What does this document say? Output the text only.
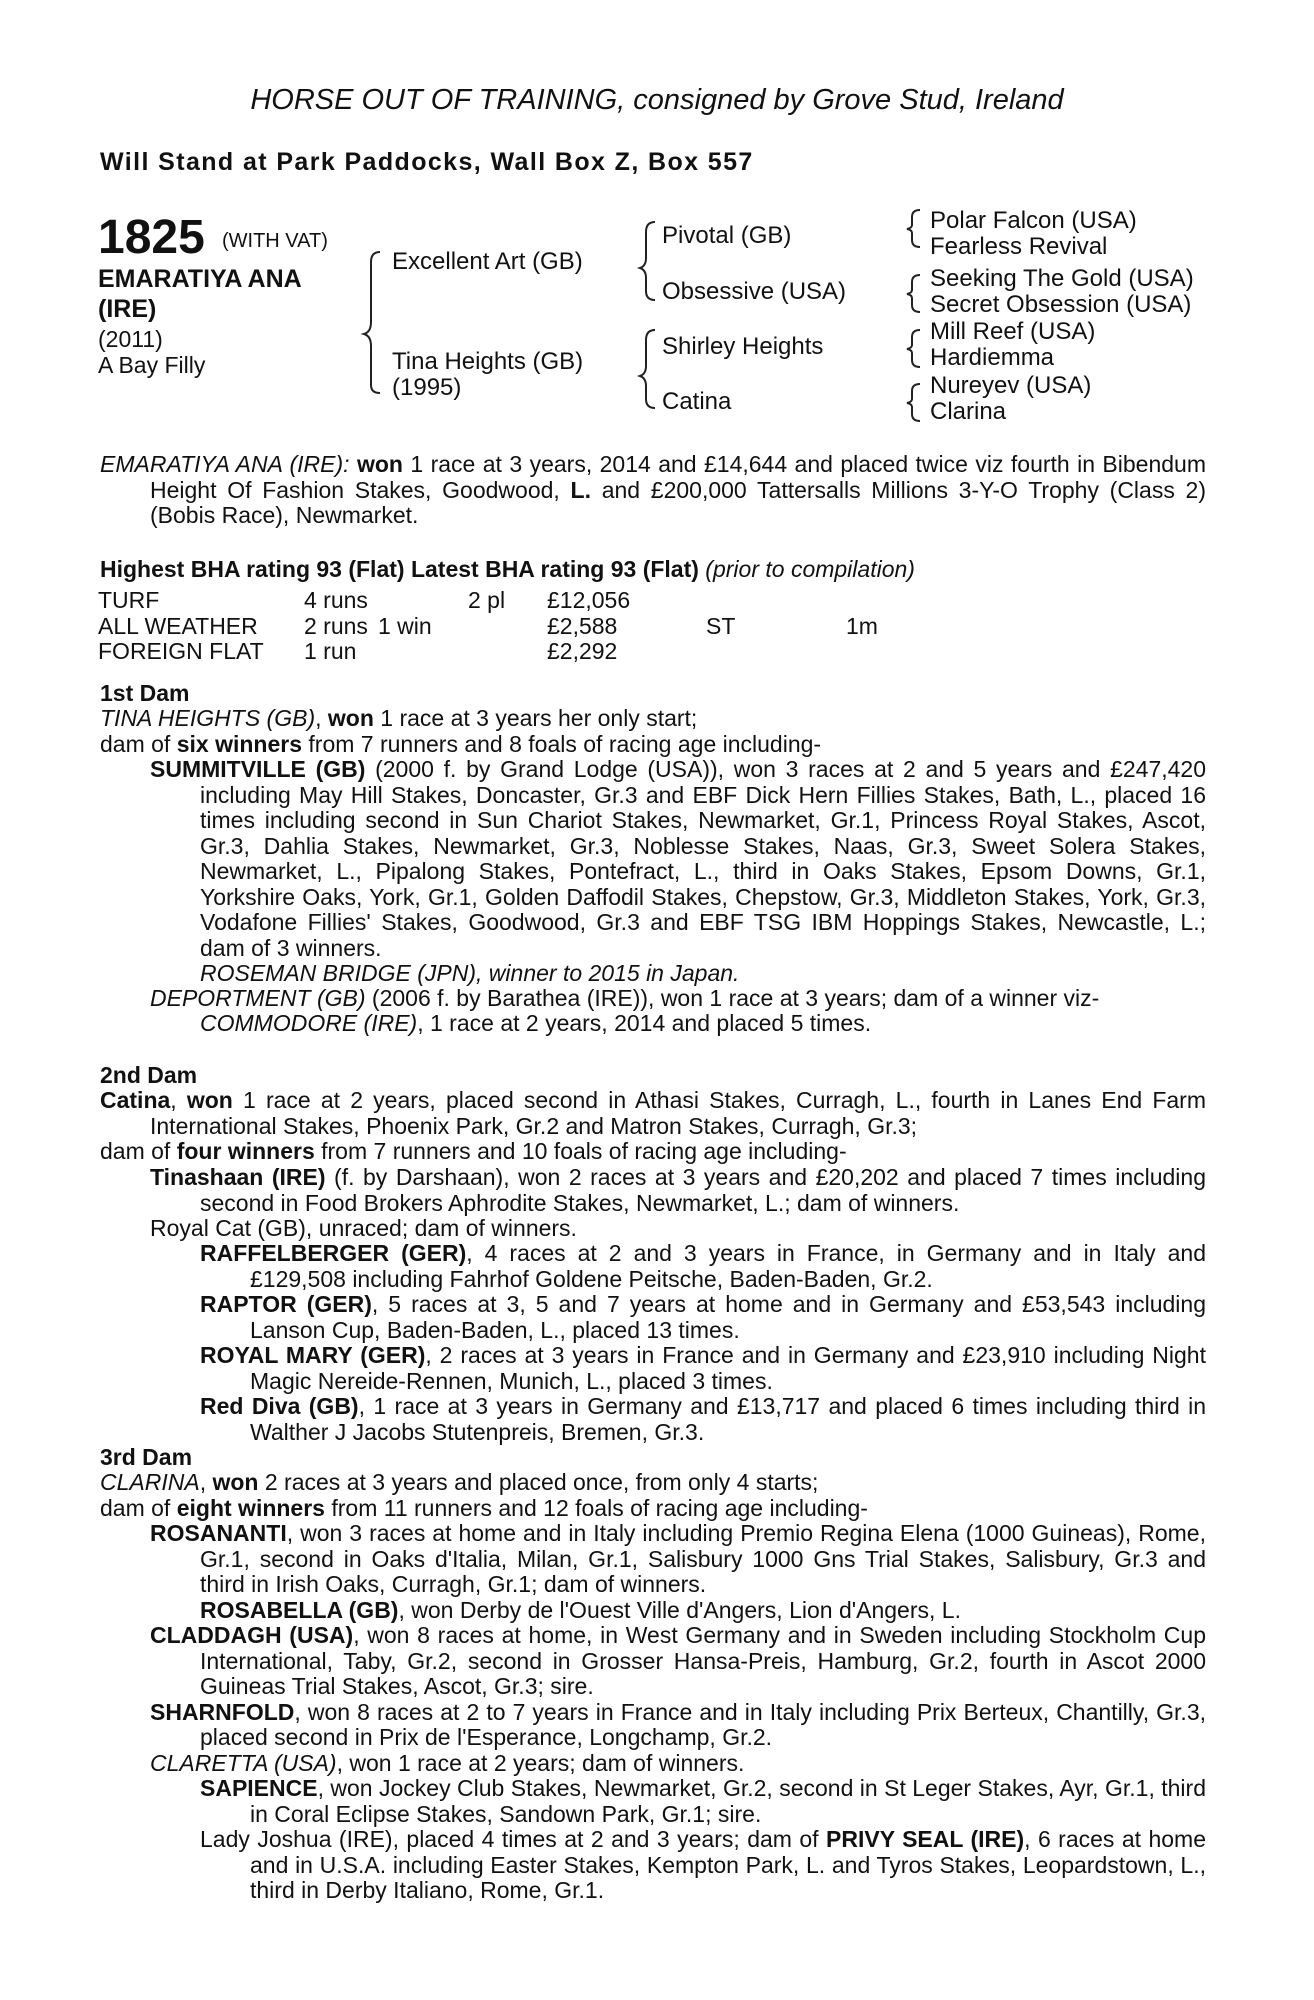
HORSE OUT OF TRAINING, consigned by Grove Stud, Ireland
Will Stand at Park Paddocks, Wall Box Z, Box 557
1825 (WITH VAT)
EMARATIYA ANA (IRE)
(2011)
A Bay Filly
Excellent Art (GB)
Tina Heights (GB)
(1995)
Pivotal (GB)
Obsessive (USA)
Shirley Heights
Catina
Polar Falcon (USA)
Fearless Revival
Seeking The Gold (USA)
Secret Obsession (USA)
Mill Reef (USA)
Hardiemma
Nureyev (USA)
Clarina

EMARATIYA ANA (IRE): won 1 race at 3 years, 2014 and £14,644 and placed twice viz fourth in Bibendum Height Of Fashion Stakes, Goodwood, L. and £200,000 Tattersalls Millions 3-Y-O Trophy (Class 2) (Bobis Race), Newmarket.

Highest BHA rating 93 (Flat) Latest BHA rating 93 (Flat) (prior to compilation)
TURF	4 runs	2 pl £12,056
ALL WEATHER 2 runs 1 win	£2,588	ST	1m
FOREIGN FLAT 1 run	£2,292
1st Dam

TINA HEIGHTS (GB), won 1 race at 3 years her only start;

dam of six winners from 7 runners and 8 foals of racing age including-

SUMMITVILLE (GB) (2000 f. by Grand Lodge (USA)), won 3 races at 2 and 5 years and £247,420 including May Hill Stakes, Doncaster, Gr.3 and EBF Dick Hern Fillies Stakes, Bath, L., placed 16 times including second in Sun Chariot Stakes, Newmarket, Gr.1, Princess Royal Stakes, Ascot, Gr.3, Dahlia Stakes, Newmarket, Gr.3, Noblesse Stakes, Naas, Gr.3, Sweet Solera Stakes, Newmarket, L., Pipalong Stakes, Pontefract, L., third in Oaks Stakes, Epsom Downs, Gr.1, Yorkshire Oaks, York, Gr.1, Golden Daffodil Stakes, Chepstow, Gr.3, Middleton Stakes, York, Gr.3, Vodafone Fillies' Stakes, Goodwood, Gr.3 and EBF TSG IBM Hoppings Stakes, Newcastle, L.; dam of 3 winners.

ROSEMAN BRIDGE (JPN), winner to 2015 in Japan.

DEPORTMENT (GB) (2006 f. by Barathea (IRE)), won 1 race at 3 years; dam of a winner viz-

COMMODORE (IRE), 1 race at 2 years, 2014 and placed 5 times.

2nd Dam

Catina, won 1 race at 2 years, placed second in Athasi Stakes, Curragh, L., fourth in Lanes End Farm International Stakes, Phoenix Park, Gr.2 and Matron Stakes, Curragh, Gr.3;

dam of four winners from 7 runners and 10 foals of racing age including-

Tinashaan (IRE) (f. by Darshaan), won 2 races at 3 years and £20,202 and placed 7 times including second in Food Brokers Aphrodite Stakes, Newmarket, L.; dam of winners.

Royal Cat (GB), unraced; dam of winners.

RAFFELBERGER (GER), 4 races at 2 and 3 years in France, in Germany and in Italy and £129,508 including Fahrhof Goldene Peitsche, Baden-Baden, Gr.2.

RAPTOR (GER), 5 races at 3, 5 and 7 years at home and in Germany and £53,543 including Lanson Cup, Baden-Baden, L., placed 13 times.

ROYAL MARY (GER), 2 races at 3 years in France and in Germany and £23,910 including Night Magic Nereide-Rennen, Munich, L., placed 3 times.

Red Diva (GB), 1 race at 3 years in Germany and £13,717 and placed 6 times including third in Walther J Jacobs Stutenpreis, Bremen, Gr.3.

3rd Dam

CLARINA, won 2 races at 3 years and placed once, from only 4 starts;

dam of eight winners from 11 runners and 12 foals of racing age including-

ROSANANTI, won 3 races at home and in Italy including Premio Regina Elena (1000 Guineas), Rome, Gr.1, second in Oaks d'Italia, Milan, Gr.1, Salisbury 1000 Gns Trial Stakes, Salisbury, Gr.3 and third in Irish Oaks, Curragh, Gr.1; dam of winners.

ROSABELLA (GB), won Derby de l'Ouest Ville d'Angers, Lion d'Angers, L.

CLADDAGH (USA), won 8 races at home, in West Germany and in Sweden including Stockholm Cup International, Taby, Gr.2, second in Grosser Hansa-Preis, Hamburg, Gr.2, fourth in Ascot 2000 Guineas Trial Stakes, Ascot, Gr.3; sire.

SHARNFOLD, won 8 races at 2 to 7 years in France and in Italy including Prix Berteux, Chantilly, Gr.3, placed second in Prix de l'Esperance, Longchamp, Gr.2.

CLARETTA (USA), won 1 race at 2 years; dam of winners.

SAPIENCE, won Jockey Club Stakes, Newmarket, Gr.2, second in St Leger Stakes, Ayr, Gr.1, third in Coral Eclipse Stakes, Sandown Park, Gr.1; sire.

Lady Joshua (IRE), placed 4 times at 2 and 3 years; dam of PRIVY SEAL (IRE), 6 races at home and in U.S.A. including Easter Stakes, Kempton Park, L. and Tyros Stakes, Leopardstown, L., third in Derby Italiano, Rome, Gr.1.
